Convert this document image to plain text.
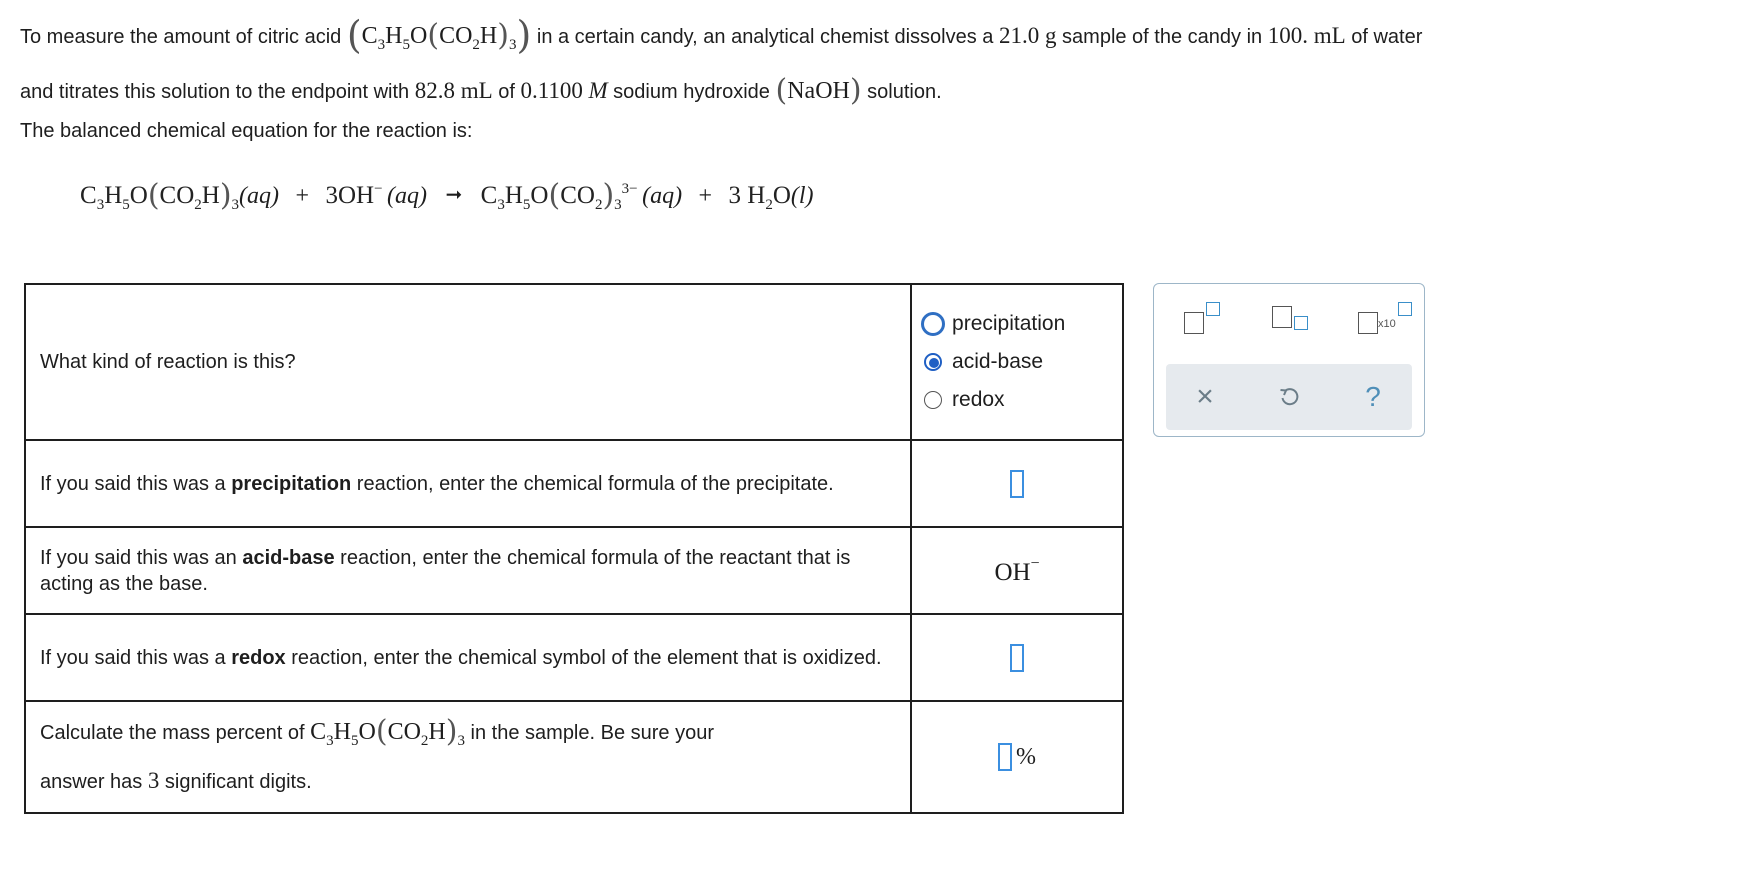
To measure the amount of citric acid $(C_3H_5O(CO_2H)_3)$ in a certain candy, an analytical chemist dissolves a 21.0 g sample of the candy in 100. mL of water
and titrates this solution to the endpoint with 82.8 mL of 0.1100 M sodium hydroxide (NaOH) solution.
The balanced chemical equation for the reaction is:
$C_3H_5O(CO_2H)_3(aq) + 3OH^-$ (aq) ➞ $C_3H_5O(CO_2)_3^{3-}$ (aq) + 3 $H_2O(l)$
What kind of reaction is this?	precipitation
acid-base
redox

If you said this was a precipitation reaction, enter the chemical formula of the precipitate.	
If you said this was an acid-base reaction, enter the chemical formula of the reactant that is acting as the base.	OH−
If you said this was a redox reaction, enter the chemical symbol of the element that is oxidized.	
Calculate the mass percent of $C_3H_5O(CO_2H)_3$ in the sample. Be sure your
answer has 3 significant digits.	%
x10
×	?
